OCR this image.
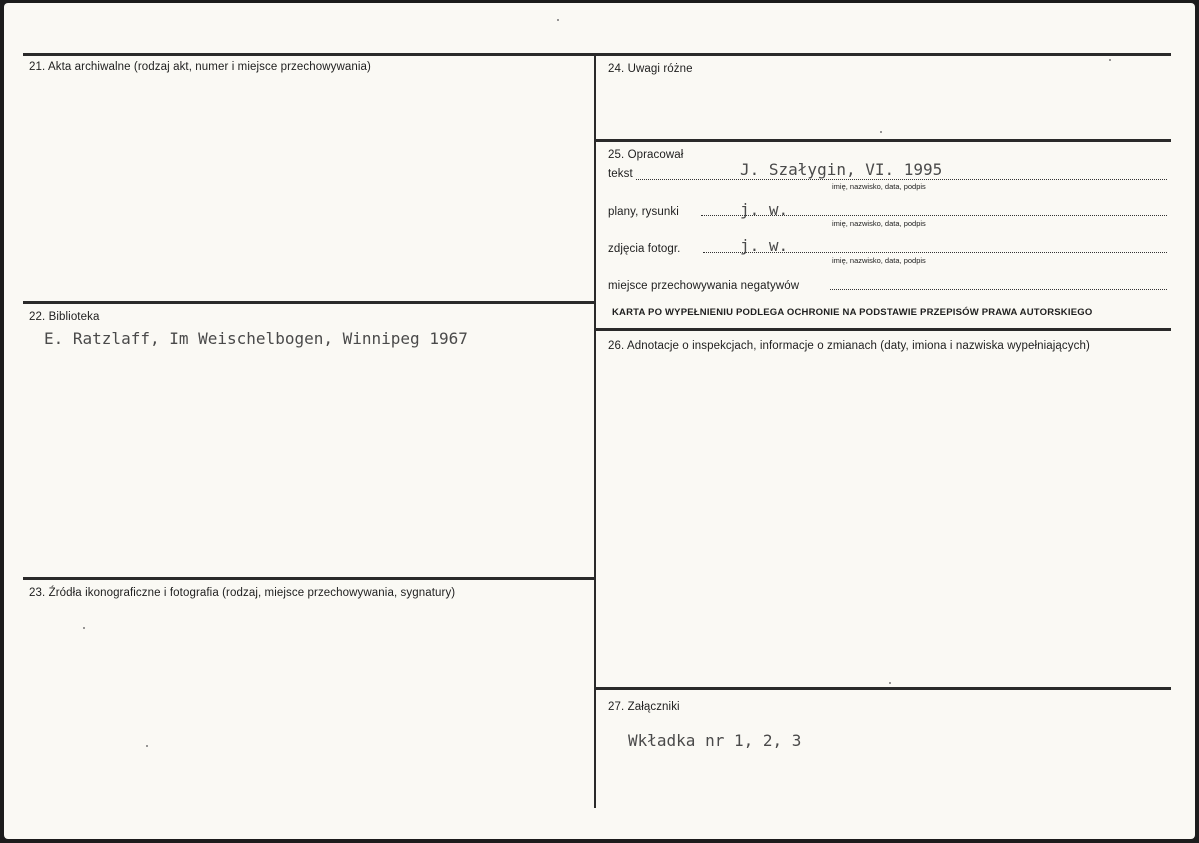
21. Akta archiwalne (rodzaj akt, numer i miejsce przechowywania)
22. Biblioteka
E. Ratzlaff, Im Weischelbogen, Winnipeg 1967
23. Źródła ikonograficzne i fotografia (rodzaj, miejsce przechowywania, sygnatury)
24. Uwagi różne
25. Opracował
tekst	J. Szałygin, VI. 1995
imię, nazwisko, data, podpis
plany, rysunki	j. w.
imię, nazwisko, data, podpis
zdjęcia fotogr.	j. w.
imię, nazwisko, data, podpis
miejsce przechowywania negatywów
KARTA PO WYPEŁNIENIU PODLEGA OCHRONIE NA PODSTAWIE PRZEPISÓW PRAWA AUTORSKIEGO
26. Adnotacje o inspekcjach, informacje o zmianach (daty, imiona i nazwiska wypełniających)
27. Załączniki
Wkładka nr 1, 2, 3
